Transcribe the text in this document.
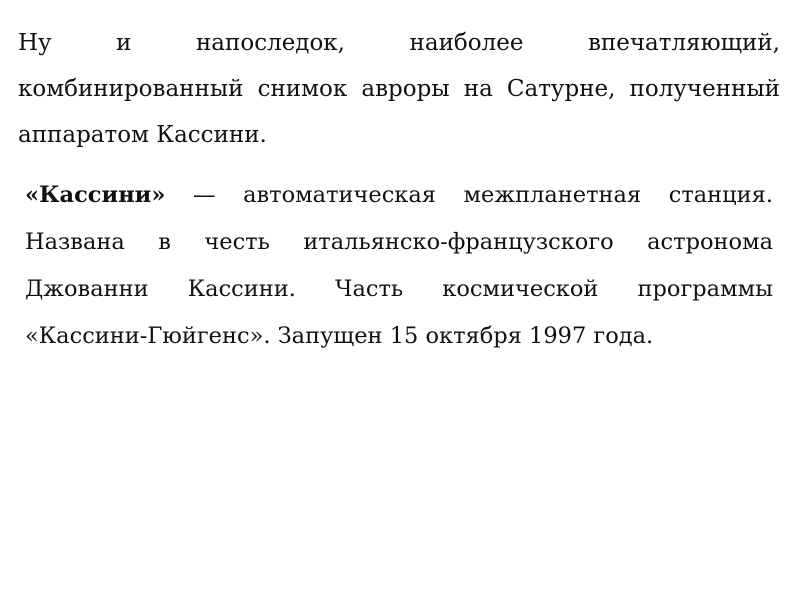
Ну и напоследок, наиболее впечатляющий, комбинированный снимок авроры на Сатурне, полученный аппаратом Кассини.

«Кассини» — автоматическая межпланетная станция. Названа в честь итальянско-французского астронома Джованни Кассини. Часть космической программы «Кассини-Гюйгенс». Запущен 15 октября 1997 года.
